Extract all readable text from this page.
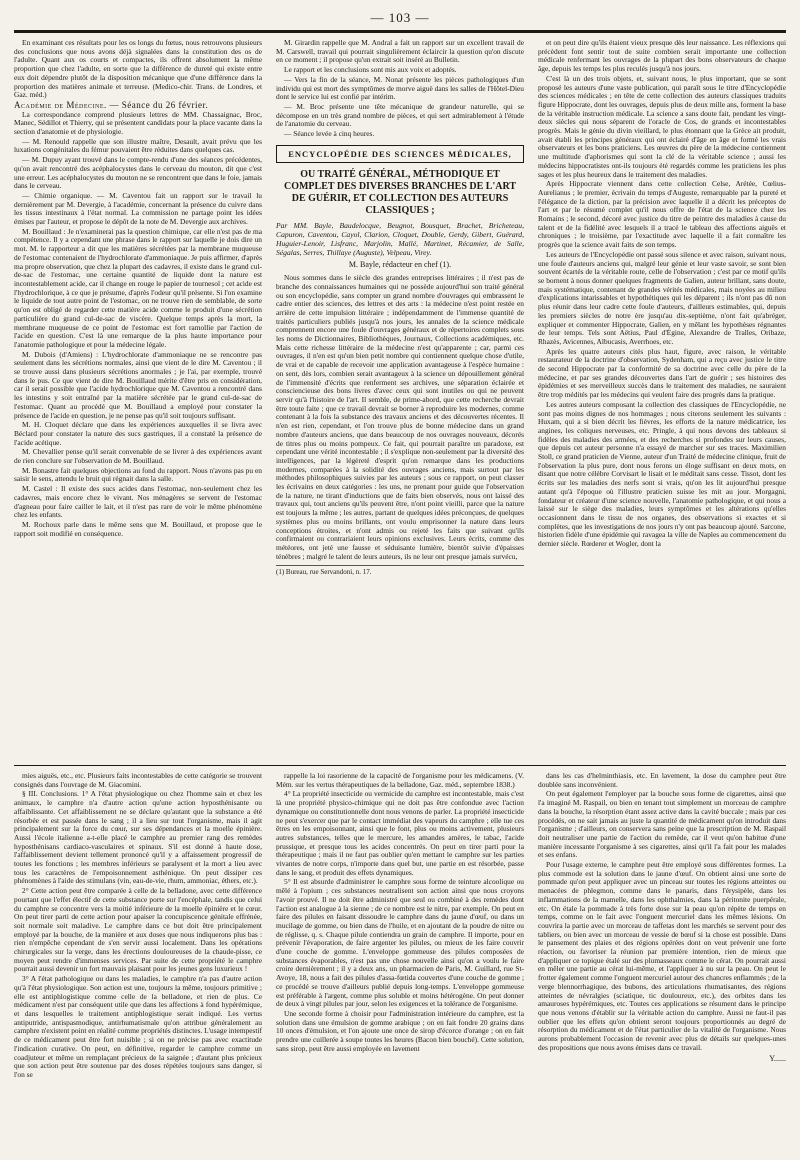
— 103 —

En examinant ces résultats pour les os longs du fœtus, nous retrouvons plusieurs des conclusions que nous avons déjà signalées dans la constitution des os de l'adulte. Quant aux os courts et compactes, ils offrent absolument la même proportion que chez l'adulte, en sorte que la différence de dureté qui existe entre eux doit dépendre plutôt de la disposition mécanique que d'une différence dans la proportion des matières animale et terreuse. (Medico-chir. Trans. de Londres, et Gaz. méd.)

Académie de Médecine. — Séance du 26 février.

La correspondance comprend plusieurs lettres de MM. Chassaignac, Broc, Manec, Sédillot et Thierry, qui se présentent candidats pour la place vacante dans la section d'anatomie et de physiologie.

— M. Renould rappelle que son illustre maître, Desault, avait prévu que les luxations congénitales du fémur pouvaient être réduites dans quelques cas.

— M. Dupuy ayant trouvé dans le compte-rendu d'une des séances précédentes, qu'on avait rencontré des acéphalocystes dans le cerveau du mouton, dit que c'est une erreur. Les acéphalocystes du mouton ne se rencontrent que dans le foie, jamais dans le cerveau.

— Chimie organique. — M. Caventou fait un rapport sur le travail lu dernièrement par M. Devergie, à l'académie, concernant la présence du cuivre dans les tissus intestinaux à l'état normal. La commission ne partage point les idées émises par l'auteur, et propose le dépôt de la note de M. Devergie aux archives.

M. Bouillaud : Je n'examinerai pas la question chimique, car elle n'est pas de ma compétence. Il y a cependant une phrase dans le rapport sur laquelle je dois dire un mot. M. le rapporteur a dit que les matières sécrétées par la membrane muqueuse de l'estomac contenaient de l'hydrochlorate d'ammoniaque. Je puis affirmer, d'après ma propre observation, que chez la plupart des cadavres, il existe dans le grand cul-de-sac de l'estomac, une certaine quantité de liquide dont la nature est incontestablement acide, car il change en rouge le papier de tournesol ; cet acide est l'hydrochlorique, à ce que je présume, d'après l'odeur qu'il présente. Si l'on examine le liquide de tout autre point de l'estomac, on ne trouve rien de semblable, de sorte qu'on est obligé de regarder cette matière acide comme le produit d'une sécrétion particulière du grand cul-de-sac de viscère. Quelque temps après la mort, la membrane muqueuse de ce point de l'estomac est fort ramollie par l'action de l'acide en question. C'est là une remarque de la plus haute importance pour l'anatomie pathologique et pour la médecine légale.

M. Dubois (d'Amiens) : L'hydrochlorate d'ammoniaque ne se rencontre pas seulement dans les sécrétions normales, ainsi que vient de le dire M. Caventou ; il se trouve aussi dans plusieurs sécrétions anormales ; je l'ai, par exemple, trouvé dans le pus. Ce que vient de dire M. Bouillaud mérite d'être pris en considération, car il serait possible que l'acide hydrochlorique que M. Caventou a rencontré dans les intestins y soit entraîné par la matière sécrétée par le grand cul-de-sac de l'estomac. Quant au procédé que M. Bouillaud a employé pour constater la présence de l'acide en question, je ne pense pas qu'il soit toujours suffisant.

M. H. Cloquet déclare que dans les expériences auxquelles il se livra avec Béclard pour constater la nature des sucs gastriques, il a constaté la présence de l'acide acétique.

M. Chevallier pense qu'il serait convenable de se livrer à des expériences avant de rien conclure sur l'observation de M. Bouillaud.

M. Bonastre fait quelques objections au fond du rapport. Nous n'avons pas pu en saisir le sens, attendu le bruit qui régnait dans la salle.

M. Castel : Il existe des sucs acides dans l'estomac, non-seulement chez les cadavres, mais encore chez le vivant. Nos ménagères se servent de l'estomac d'agneau pour faire cailler le lait, et il n'est pas rare de voir le même phénomène chez les enfants.

M. Rochoux parle dans le même sens que M. Bouillaud, et propose que le rapport soit modifié en conséquence.

M. Girardin rappelle que M. Andral a fait un rapport sur un excellent travail de M. Carswell, travail qui pourrait singulièrement éclaircir la question qu'on discute en ce moment ; il propose qu'un extrait soit inséré au Bulletin.

Le rapport et les conclusions sont mis aux voix et adoptés.

— Vers la fin de la séance, M. Nonat présente les pièces pathologiques d'un individu qui est mort des symptômes de morve aiguë dans les salles de l'Hôtel-Dieu dont le service lui est confié par intérim.

— M. Broc présente une tête mécanique de grandeur naturelle, qui se décompose en un très grand nombre de pièces, et qui sert admirablement à l'étude de l'anatomie du cerveau.

— Séance levée à cinq heures.

ENCYCLOPÉDIE DES SCIENCES MÉDICALES,
OU TRAITÉ GÉNÉRAL, MÉTHODIQUE ET COMPLET DES DIVERSES BRANCHES DE L'ART DE GUÉRIR, ET COLLECTION DES AUTEURS CLASSIQUES ;
Par MM. Bayle, Baudelocque, Beugnot, Bousquet, Brachet, Bricheteau, Capuron, Caventou, Cayol, Clarion, Cloquet, Double, Gerdy, Gibert, Guérard, Huguier-Lenoir, Lisfranc, Marjolin, Mallé, Martinet, Récamier, de Salle, Ségalas, Serres, Thillaye (Auguste), Velpeau, Virey.
M. Bayle, rédacteur en chef (1).

Nous sommes dans le siècle des grandes entreprises littéraires ; il n'est pas de branche des connaissances humaines qui ne possède aujourd'hui son traité général ou son encyclopédie, sans compter un grand nombre d'ouvrages qui embrassent le cadre entier des sciences, des lettres et des arts : la médecine n'est point restée en arrière de cette impulsion littéraire ; indépendamment de l'immense quantité de traités particuliers publiés jusqu'à nos jours, les annales de la science médicale comprennent encore une foule d'ouvrages généraux et de répertoires complets sous les noms de Dictionnaires, Bibliothèques, Journaux, Collections académiques, etc. Mais cette richesse littéraire de la médecine n'est qu'apparente ; car, parmi ces ouvrages, il n'en est qu'un bien petit nombre qui contiennent quelque chose d'utile, de vrai et de capable de recevoir une application avantageuse à l'espèce humaine : on sent, dès lors, combien serait avantageux à la science un dépouillement général de l'immensité d'écrits que renferment ses archives, une séparation éclairée et consciencieuse des bons livres d'avec ceux qui sont inutiles ou qui ne peuvent servir qu'à l'histoire de l'art. Il semble, de prime-abord, que cette recherche devrait être toute faite ; que ce travail devrait se borner à reproduire les modernes, comme contenant à la fois la substance des travaux anciens et des découvertes récentes. Il n'en est rien, cependant, et l'on trouve plus de bonne médecine dans un grand nombre d'auteurs anciens, que dans beaucoup de nos ouvrages nouveaux, décorés de titres plus ou moins pompeux. Ce fait, qui pourrait paraître un paradoxe, est cependant une vérité incontestable ; il s'explique non-seulement par la diversité des intelligences, par la légèreté d'esprit qu'on remarque dans les productions modernes, comparées à la solidité des ouvrages anciens, mais surtout par les méthodes philosophiques suivies par les auteurs ; sous ce rapport, on peut classer les écrivains en deux catégories : les uns, ne prenant pour guide que l'observation de la nature, ne tirant d'inductions que de faits bien observés, nous ont laissé des travaux qui, tout anciens qu'ils peuvent être, n'ont point vieilli, parce que la nature est toujours la même ; les autres, partant de quelques idées préconçues, de quelques systèmes plus ou moins brillants, ont voulu emprisonner la nature dans leurs conceptions étroites, et n'ont admis ou rejeté les faits que suivant qu'ils confirmaient ou contrariaient leurs opinions exclusives. Leurs écrits, comme des météores, ont jeté une fausse et séduisante lumière, bientôt suivie d'épaisses ténèbres ; malgré le talent de leurs auteurs, ils ne leur ont presque jamais survécu,

(1) Bureau, rue Servandoni, n. 17.

et on peut dire qu'ils étaient vieux presque dès leur naissance. Les réflexions qui précèdent font sentir tout de suite combien serait importante une collection médicale renfermant les ouvrages de la plupart des bons observateurs de chaque âge, depuis les temps les plus reculés jusqu'à nos jours.

C'est là un des trois objets, et, suivant nous, le plus important, que se sont proposé les auteurs d'une vaste publication, qui paraît sous le titre d'Encyclopédie des sciences médicales ; en tête de cette collection des auteurs classiques traduits figure Hippocrate, dont les ouvrages, depuis plus de deux mille ans, forment la base de la véritable instruction médicale. La science a sans doute fait, pendant les vingt-deux siècles qui nous séparent de l'oracle de Cos, de grands et incontestables progrès. Mais le génie du divin vieillard, le plus étonnant que la Grèce ait produit, avait établi les principes généraux qui ont éclairé d'âge en âge et formé les vrais observateurs et les bons praticiens. Les œuvres du père de la médecine contiennent une multitude d'aphorismes qui sont la clé de la véritable science ; aussi les médecins hippocratistes ont-ils toujours été regardés comme les praticiens les plus sages et les plus heureux dans le traitement des maladies.

Après Hippocrate viennent dans cette collection Celse, Arétée, Cœlius-Aurelianus ; le premier, écrivain du temps d'Auguste, remarquable par la pureté et l'élégance de la diction, par la précision avec laquelle il a décrit les préceptes de l'art et par le résumé complet qu'il nous offre de l'état de la science chez les Romains ; le second, décoré avec justice du titre de peintre des maladies à cause du talent et de la fidélité avec lesquels il a tracé le tableau des affections aiguës et chroniques ; le troisième, par l'exactitude avec laquelle il a fait connaître les progrès que la science avait faits de son temps.

Les auteurs de l'Encyclopédie ont passé sous silence et avec raison, suivant nous, une foule d'auteurs anciens qui, malgré leur génie et leur vaste savoir, se sont bien souvent écartés de la véritable route, celle de l'observation ; c'est par ce motif qu'ils se bornent à nous donner quelques fragments de Galien, auteur brillant, sans doute, mais systématique, contenant de grandes vérités médicales, mais noyées au milieu d'explications intarissables et hypothétiques qui les déparent ; ils n'ont pas dû non plus réunir dans leur cadre cette foule d'auteurs, d'ailleurs estimables, qui, depuis les premiers siècles de notre ère jusqu'au dix-septième, n'ont fait qu'abréger, expliquer et commenter Hippocrate, Galien, en y mêlant les hypothèses régnantes de leur temps. Tels sont Aëtius, Paul d'Égine, Alexandre de Tralles, Oribaze, Rhazès, Avicennes, Albucasis, Averrhoes, etc.

Après les quatre auteurs cités plus haut, figure, avec raison, le véritable restaurateur de la doctrine d'observation, Sydenham, qui a reçu avec justice le titre de second Hippocrate par la conformité de sa doctrine avec celle du père de la médecine, et par ses grandes découvertes dans l'art de guérir ; ses histoires des épidémies et ses merveilleux succès dans le traitement des maladies, ne sauraient être trop médités par les médecins qui veulent faire des progrès dans la pratique.

Les autres auteurs composant la collection des classiques de l'Encyclopédie, ne sont pas moins dignes de nos hommages ; nous citerons seulement les suivants : Huxam, qui a si bien décrit les fièvres, les efforts de la nature médicatrice, les angines, les coliques nerveuses, etc. Pringle, à qui nous devons des tableaux si fidèles des maladies des armées, et des recherches si profondes sur leurs causes, que depuis cet auteur personne n'a essayé de marcher sur ses traces. Maximilien Stoll, ce grand praticien de Vienne, auteur d'un Traité de médecine clinique, fruit de l'observation la plus pure, dont nous ferons un éloge suffisant en deux mots, en disant que notre célèbre Corvisart le lisait et le méditait sans cesse. Tissot, dont les écrits sur les maladies des nerfs sont si vrais, qu'on les lit aujourd'hui presque autant qu'à l'époque où l'illustre praticien suisse les mit au jour. Morgagni, fondateur et créateur d'une science nouvelle, l'anatomie pathologique, et qui nous a laissé sur le siège des maladies, leurs symptômes et les altérations qu'elles occasionnent dans le tissu de nos organes, des observations si exactes et si complètes, que les investigations de nos jours n'y ont pas beaucoup ajouté. Sarcone, historien fidèle d'une épidémie qui ravagea la ville de Naples au commencement du dernier siècle. Rœderer et Wogler, dont la

mies aiguës, etc., etc. Plusieurs faits incontestables de cette catégorie se trouvent consignés dans l'ouvrage de M. Giacomini.

§ III. Conclusions. 1° A l'état physiologique ou chez l'homme sain et chez les animaux, le camphre n'a d'autre action qu'une action hyposthénisante ou affaiblissante. Cet affaiblissement ne se déclare qu'autant que la substance a été résorbée et est passée dans le sang ; il a lieu sur tout l'organisme, mais il agit principalement sur la force du cœur, sur ses dépendances et la moelle épinière. Aussi l'école italienne a-t-elle placé le camphre au premier rang des remèdes hyposthénisans cardiaco-vasculaires et spinaux. S'il est donné à haute dose, l'affaiblissement devient tellement prononcé qu'il y a affaissement progressif de toutes les fonctions ; les membres inférieurs se paralysent et la mort a lieu avec tous les caractères de l'empoisonnement asthénique. On peut dissiper ces phénomènes à l'aide des stimulans (vin, eau-de-vie, rhum, ammoniac, éthers, etc.).

2° Cette action peut être comparée à celle de la belladone, avec cette différence pourtant que l'effet électif de cette substance porte sur l'encéphale, tandis que celui du camphre se concentre vers la moitié inférieure de la moelle épinière et le cœur. On peut tirer parti de cette action pour apaiser la concupiscence génitale effrénée, soit normale soit maladive. Le camphre dans ce but doit être principalement employé par la bouche, de la manière et aux doses que nous indiquerons plus bas : rien n'empêche cependant de s'en servir aussi localement. Dans les opérations chirurgicales sur la verge, dans les érections douloureuses de la chaude-pisse, ce moyen peut rendre d'immenses services. Par suite de cette propriété le camphre pourrait aussi devenir un fort mauvais plaisant pour les jeunes gens luxurieux !

3° A l'état pathologique ou dans les maladies, le camphre n'a pas d'autre action qu'à l'état physiologique. Son action est une, toujours la même, toujours primitive ; elle est antiphlogistique comme celle de la belladone, et rien de plus. Ce médicament n'est par conséquent utile que dans les affections à fond hypérémique, et dans lesquelles le traitement antiphlogistique serait indiqué. Les vertus antiputride, antispasmodique, antirhumatismale qu'on attribue généralement au camphre n'existent point en réalité comme propriétés distinctes. L'usage intempestif de ce médicament peut être fort nuisible ; si on ne précise pas avec exactitude l'indication curative. On peut, en définitive, regarder le camphre comme un coadjuteur et même un remplaçant précieux de la saignée ; d'autant plus précieux que son action peut être soutenue par des doses répétées toujours sans danger, si l'on se

rappelle la loi rasorienne de la capacité de l'organisme pour les médicamens. (V. Mém. sur les vertus thérapeutiques de la belladone, Gaz. méd., septembre 1838.)

4° La propriété insecticide ou vermicide du camphre est incontestable, mais c'est là une propriété physico-chimique qui ne doit pas être confondue avec l'action dynamique ou constitutionnelle dont nous venons de parler. La propriété insecticide ne peut s'exercer que par le contact immédiat des vapeurs du camphre ; elle tue ces êtres en les empoisonnant, ainsi que le font, plus ou moins activement, plusieurs autres substances, telles que le mercure, les amandes amères, le tabac, l'acide prussique, et presque tous les acides concentrés. On peut en tirer parti pour la thérapeutique ; mais il ne faut pas oublier qu'en mettant le camphre sur les parties vivantes de notre corps, n'importe dans quel but, une partie en est résorbée, passe dans le sang, et produit des effets dynamiques.

5° Il est absurde d'administrer le camphre sous forme de teinture alcoolique ou mêlé à l'opium ; ces substances neutralisent son action ainsi que nous croyons l'avoir prouvé. Il ne doit être administré que seul ou combiné à des remèdes dont l'action est analogue à la sienne ; de ce nombre est le nitre, par exemple. On peut en faire des pilules en faisant dissoudre le camphre dans du jaune d'œuf, ou dans un mucilage de gomme, ou bien dans de l'huile, et en ajoutant de la poudre de nitre ou de réglisse, q. s. Chaque pilule contiendra un grain de camphre. Il importe, pour en prévenir l'évaporation, de faire argenter les pilules, ou mieux de les faire couvrir d'une couche de gomme. L'enveloppe gommeuse des pilules composées de substances évaporables, n'est pas une chose nouvelle ainsi qu'on a voulu le faire croire dernièrement ; il y a deux ans, un pharmacien de Paris, M. Guillard, rue St-Avoye, 18, nous a fait des pilules d'assa-fœtida couvertes d'une couche de gomme ; ce procédé se trouve d'ailleurs publié depuis long-temps. L'enveloppe gommeuse est préférable à l'argent, comme plus soluble et moins hétérogène. On peut donner de deux à vingt pilules par jour, selon les exigences et la tolérance de l'organisme.

Une seconde forme à choisir pour l'administration intérieure du camphre, est la solution dans une émulsion de gomme arabique ; on en fait fondre 20 grains dans 10 onces d'émulsion, et l'on ajoute une once de sirop d'écorce d'orange ; on en fait prendre une cuillerée à soupe toutes les heures (Bacon bien bouché). Cette solution, sans sirop, peut être aussi employée en lavement

dans les cas d'helminthiasis, etc. En lavement, la dose du camphre peut être doublée sans inconvénient.

On peut également l'employer par la bouche sous forme de cigarettes, ainsi que l'a imaginé M. Raspail, ou bien en tenant tout simplement un morceau de camphre dans la bouche, la résorption étant assez active dans la cavité buccale ; mais par ces procédés, on ne sait jamais au juste la quantité de médicament qu'on introduit dans l'organisme ; d'ailleurs, on conservera sans peine que la prescription de M. Raspail doit neutraliser une partie de l'action du remède, car il veut qu'on habitue d'une manière incessante l'organisme à ses cigarettes, ainsi qu'il l'a fait pour les malades et ses enfans.

Pour l'usage externe, le camphre peut être employé sous différentes formes. La plus commode est la solution dans le jaune d'œuf. On obtient ainsi une sorte de pommade qu'on peut appliquer avec un pinceau sur toutes les régions atteintes ou menacées de phlegmon, comme dans le panaris, dans l'érysipèle, dans les inflammations de la mamelle, dans les ophthalmies, dans la péritonite puerpérale, etc. On étale la pommade à très forte dose sur la peau qu'on répète de temps en temps, comme on le fait avec l'onguent mercuriel dans les mêmes lésions. On couvrira la partie avec un morceau de taffetas dont les marchés se servent pour des tabliers, ou bien avec un morceau de vessie de bœuf si la chose est possible. Dans le pansement des plaies et des régions opérées dont on veut prévenir une forte réaction, ou favoriser la réunion par première intention, rien de mieux que d'appliquer ce topique étalé sur des plumasseaux comme le cérat. On pourrait aussi en mêler une partie au cérat lui-même, et l'appliquer à nu sur la peau. On peut le frotter également comme l'onguent mercuriel autour des chancres enflammés ; de la verge blennorrhagique, des bubons, des articulations rhumatisantes, des régions atteintes de névralgies (sciatique, tic douloureux, etc.), des orbites dans les amauroses hypérémiques, etc. Toutes ces applications se résument dans le principe que nous venons d'établir sur la véritable action du camphre. Aussi ne faut-il pas oublier que les effets qu'on obtient seront toujours proportionnés au degré de résorption du médicament et de l'état particulier de la vitalité de l'organisme. Nous aurons probablement l'occasion de revenir avec plus de détails sur quelques-unes des propositions que nous avons émises dans ce travail.

Y......
